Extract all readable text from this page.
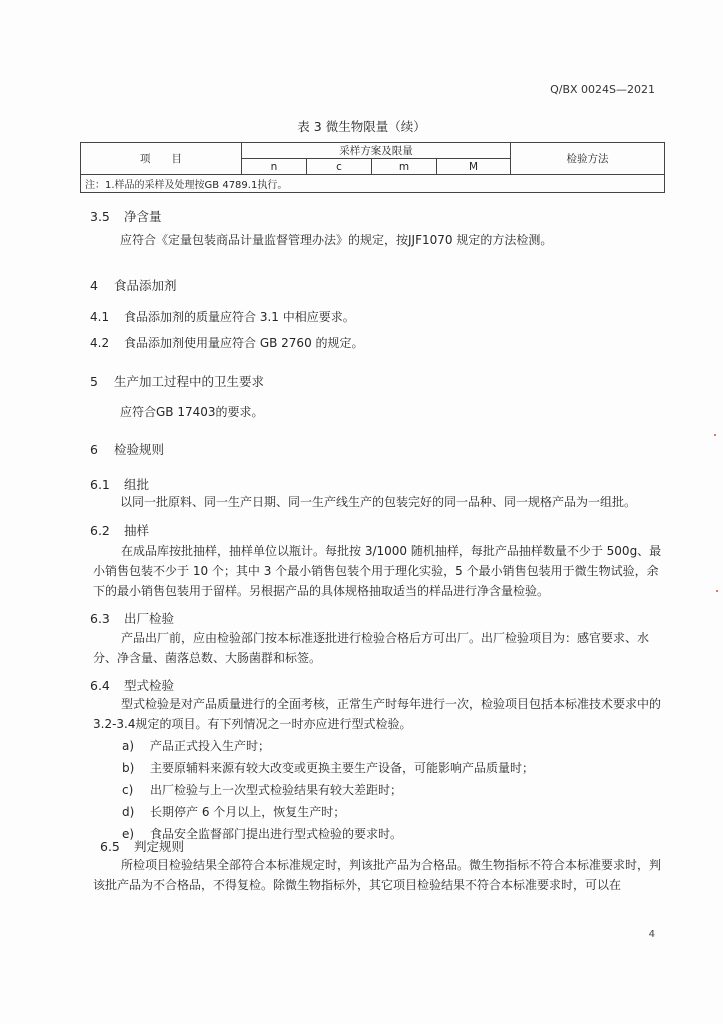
Q/BX 0024S—2021
表 3 微生物限量（续）
项　　目	采样方案及限量				检验方法
	n	c	m	M	
注：1.样品的采样及处理按GB 4789.1执行。					
3.5 净含量
应符合《定量包装商品计量监督管理办法》的规定，按JJF1070 规定的方法检测。
4 食品添加剂
4.1 食品添加剂的质量应符合 3.1 中相应要求。
4.2 食品添加剂使用量应符合 GB 2760 的规定。
5 生产加工过程中的卫生要求
应符合GB 17403的要求。
6 检验规则
6.1 组批
以同一批原料、同一生产日期、同一生产线生产的包装完好的同一品种、同一规格产品为一组批。
6.2 抽样
在成品库按批抽样，抽样单位以瓶计。每批按 3/1000 随机抽样，每批产品抽样数量不少于 500g、最小销售包装不少于 10 个；其中 3 个最小销售包装个用于理化实验，5 个最小销售包装用于微生物试验，余下的最小销售包装用于留样。另根据产品的具体规格抽取适当的样品进行净含量检验。
6.3 出厂检验
产品出厂前，应由检验部门按本标准逐批进行检验合格后方可出厂。出厂检验项目为：感官要求、水分、净含量、菌落总数、大肠菌群和标签。
6.4 型式检验
型式检验是对产品质量进行的全面考核，正常生产时每年进行一次，检验项目包括本标准技术要求中的3.2-3.4规定的项目。有下列情况之一时亦应进行型式检验。
a) 产品正式投入生产时；
b) 主要原辅料来源有较大改变或更换主要生产设备，可能影响产品质量时；
c) 出厂检验与上一次型式检验结果有较大差距时；
d) 长期停产 6 个月以上，恢复生产时；
e) 食品安全监督部门提出进行型式检验的要求时。
6.5 判定规则
所检项目检验结果全部符合本标准规定时，判该批产品为合格品。微生物指标不符合本标准要求时，判该批产品为不合格品，不得复检。除微生物指标外，其它项目检验结果不符合本标准要求时，可以在
4
